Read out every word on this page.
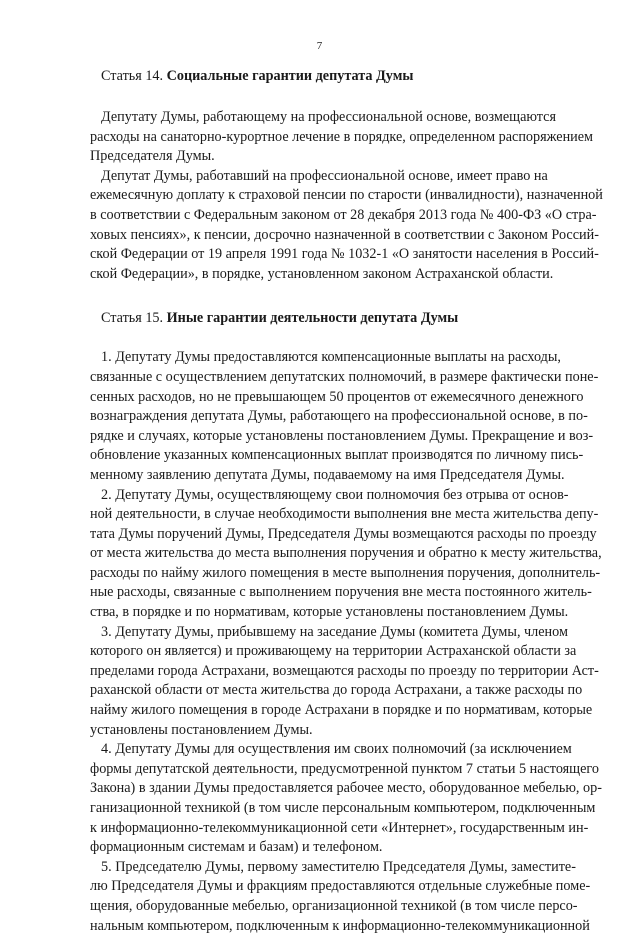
7
Статья 14. Социальные гарантии депутата Думы

Депутату Думы, работающему на профессиональной основе, возмещаются

расходы на санаторно-курортное лечение в порядке, определенном распоряжением

Председателя Думы.

Депутат Думы, работавший на профессиональной основе, имеет право на

ежемесячную доплату к страховой пенсии по старости (инвалидности), назначенной

в соответствии с Федеральным законом от 28 декабря 2013 года № 400-ФЗ «О стра-

ховых пенсиях», к пенсии, досрочно назначенной в соответствии с Законом Россий-

ской Федерации от 19 апреля 1991 года № 1032-1 «О занятости населения в Россий-

ской Федерации», в порядке, установленном законом Астраханской области.

Статья 15. Иные гарантии деятельности депутата Думы

1. Депутату Думы предоставляются компенсационные выплаты на расходы,

связанные с осуществлением депутатских полномочий, в размере фактически поне-

сенных расходов, но не превышающем 50 процентов от ежемесячного денежного

вознаграждения депутата Думы, работающего на профессиональной основе, в по-

рядке и случаях, которые установлены постановлением Думы. Прекращение и воз-

обновление указанных компенсационных выплат производятся по личному пись-

менному заявлению депутата Думы, подаваемому на имя Председателя Думы.

2. Депутату Думы, осуществляющему свои полномочия без отрыва от основ-

ной деятельности, в случае необходимости выполнения вне места жительства депу-

тата Думы поручений Думы, Председателя Думы возмещаются расходы по проезду

от места жительства до места выполнения поручения и обратно к месту жительства,

расходы по найму жилого помещения в месте выполнения поручения, дополнитель-

ные расходы, связанные с выполнением поручения вне места постоянного житель-

ства, в порядке и по нормативам, которые установлены постановлением Думы.

3. Депутату Думы, прибывшему на заседание Думы (комитета Думы, членом

которого он является) и проживающему на территории Астраханской области за

пределами города Астрахани, возмещаются расходы по проезду по территории Аст-

раханской области от места жительства до города Астрахани, а также расходы по

найму жилого помещения в городе Астрахани в порядке и по нормативам, которые

установлены постановлением Думы.

4. Депутату Думы для осуществления им своих полномочий (за исключением

формы депутатской деятельности, предусмотренной пунктом 7 статьи 5 настоящего

Закона) в здании Думы предоставляется рабочее место, оборудованное мебелью, ор-

ганизационной техникой (в том числе персональным компьютером, подключенным

к информационно-телекоммуникационной сети «Интернет», государственным ин-

формационным системам и базам) и телефоном.

5. Председателю Думы, первому заместителю Председателя Думы, заместите-

лю Председателя Думы и фракциям предоставляются отдельные служебные поме-

щения, оборудованные мебелью, организационной техникой (в том числе персо-

нальным компьютером, подключенным к информационно-телекоммуникационной
